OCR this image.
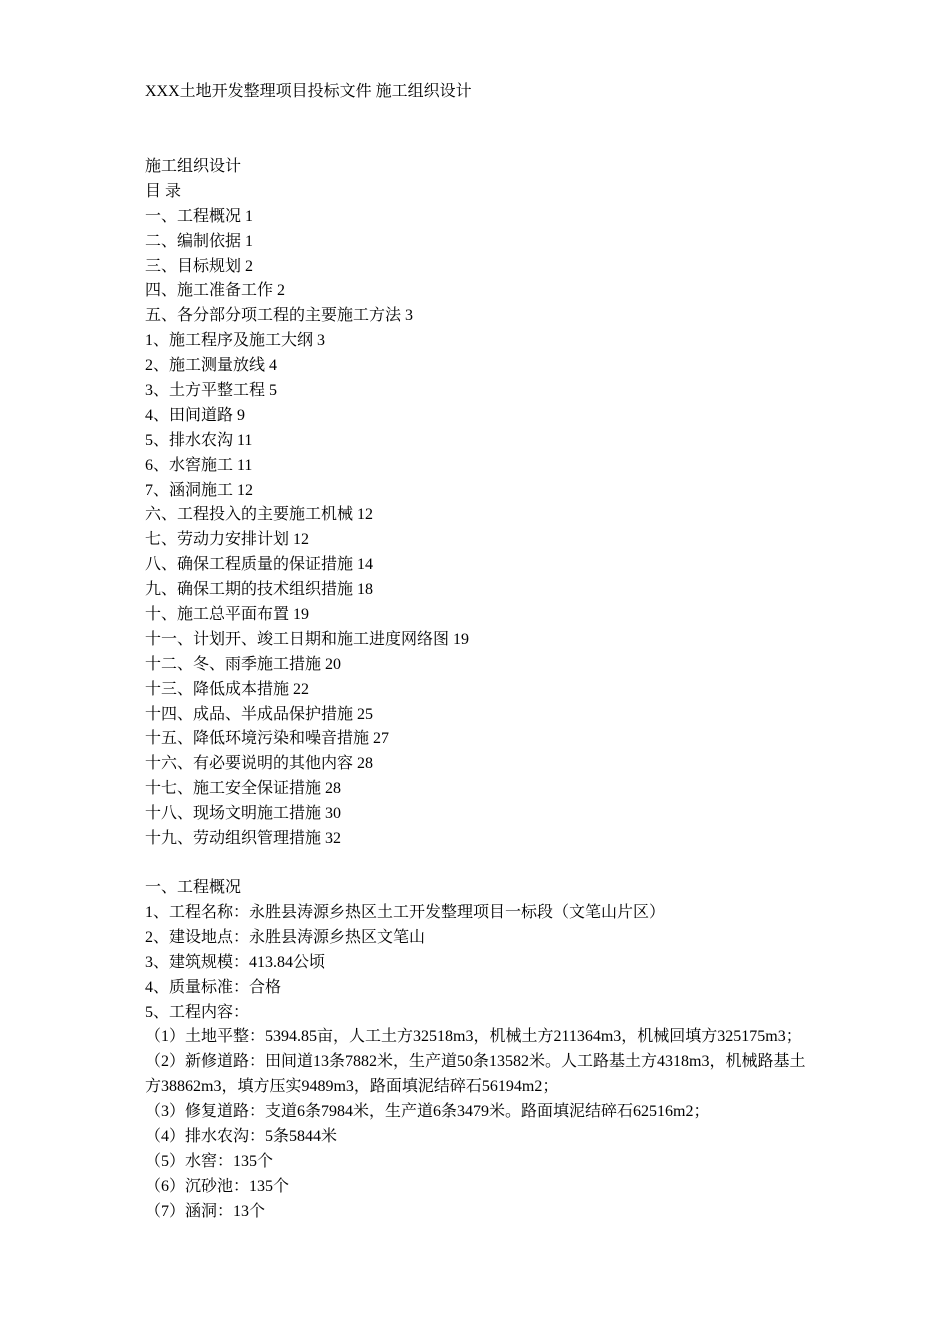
XXX土地开发整理项目投标文件 施工组织设计
施工组织设计
目 录
一、工程概况 1
二、编制依据 1
三、目标规划 2
四、施工准备工作 2
五、各分部分项工程的主要施工方法 3
1、施工程序及施工大纲 3
2、施工测量放线 4
3、土方平整工程 5
4、田间道路 9
5、排水农沟 11
6、水窖施工 11
7、涵洞施工 12
六、工程投入的主要施工机械 12
七、劳动力安排计划 12
八、确保工程质量的保证措施 14
九、确保工期的技术组织措施 18
十、施工总平面布置 19
十一、计划开、竣工日期和施工进度网络图 19
十二、冬、雨季施工措施 20
十三、降低成本措施 22
十四、成品、半成品保护措施 25
十五、降低环境污染和噪音措施 27
十六、有必要说明的其他内容 28
十七、施工安全保证措施 28
十八、现场文明施工措施 30
十九、劳动组织管理措施 32
一、工程概况
1、工程名称：永胜县涛源乡热区土工开发整理项目一标段（文笔山片区）
2、建设地点：永胜县涛源乡热区文笔山
3、建筑规模：413.84公顷
4、质量标准：合格
5、工程内容：
（1）土地平整：5394.85亩，人工土方32518m3，机械土方211364m3，机械回填方325175m3；
（2）新修道路：田间道13条7882米，生产道50条13582米。人工路基土方4318m3，机械路基土方38862m3，填方压实9489m3，路面填泥结碎石56194m2；
（3）修复道路：支道6条7984米，生产道6条3479米。路面填泥结碎石62516m2；
（4）排水农沟：5条5844米
（5）水窖：135个
（6）沉砂池：135个
（7）涵洞：13个
